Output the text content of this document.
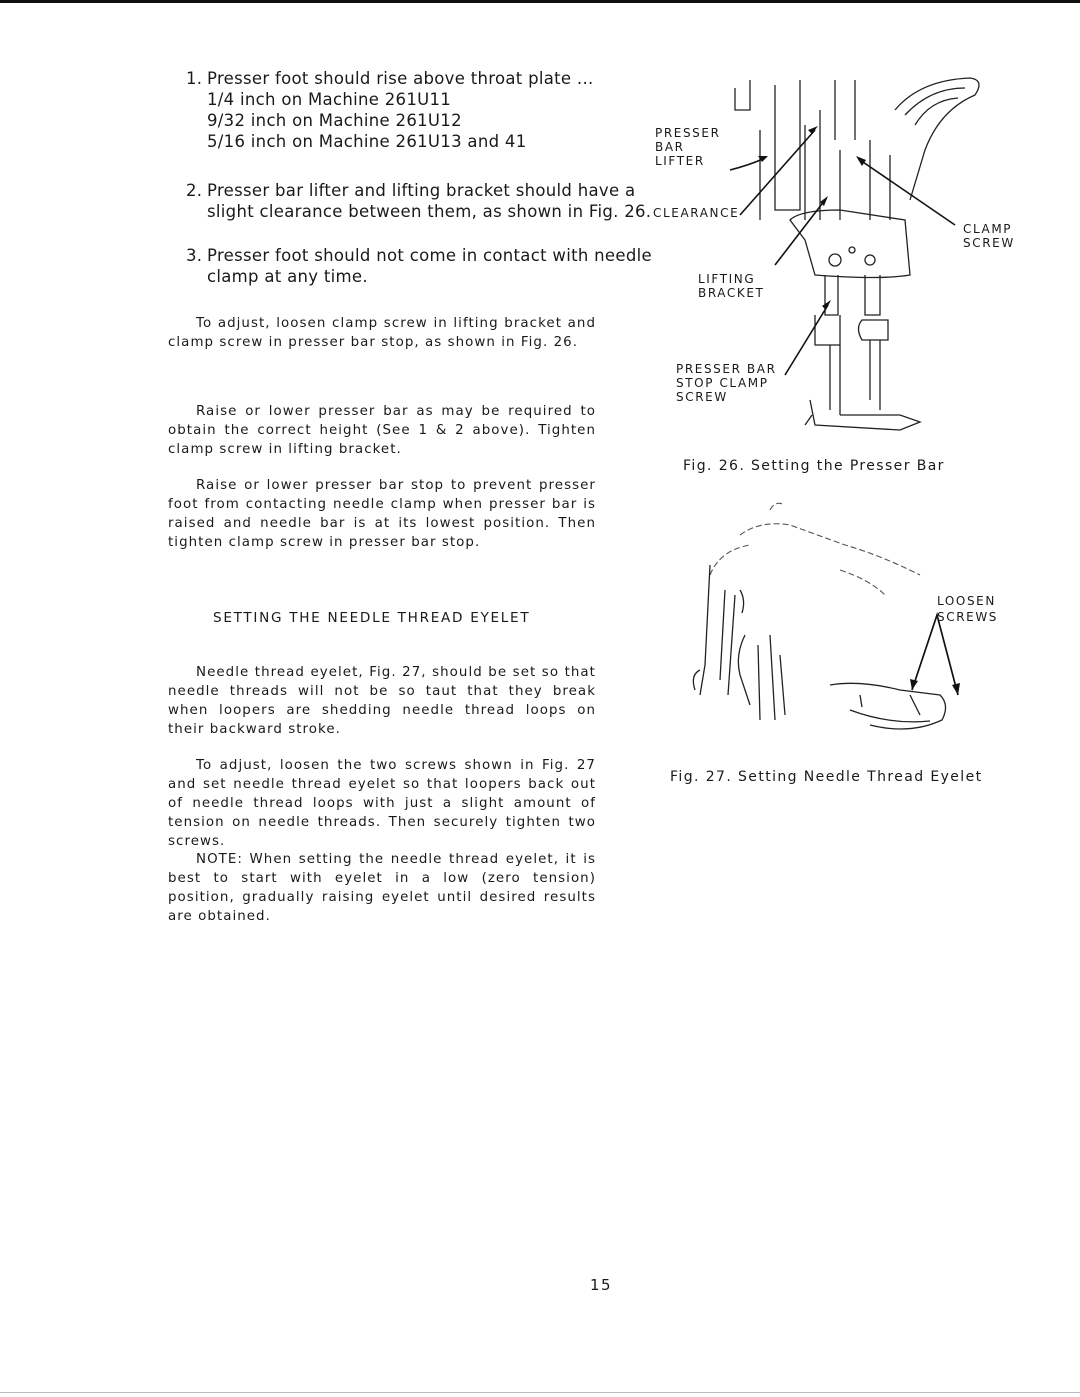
1. Presser foot should rise above throat plate ...
1/4 inch on Machine 261U11
9/32 inch on Machine 261U12
5/16 inch on Machine 261U13 and 41
2. Presser bar lifter and lifting bracket should have a
slight clearance between them, as shown in Fig. 26.
3. Presser foot should not come in contact with needle
clamp at any time.
To adjust, loosen clamp screw in lifting bracket and clamp screw in presser bar stop, as shown in Fig. 26.
Raise or lower presser bar as may be required to obtain the correct height (See 1 & 2 above). Tighten clamp screw in lifting bracket.
Raise or lower presser bar stop to prevent presser foot from contacting needle clamp when presser bar is raised and needle bar is at its lowest position. Then tighten clamp screw in presser bar stop.
SETTING THE NEEDLE THREAD EYELET
Needle thread eyelet, Fig. 27, should be set so that needle threads will not be so taut that they break when loopers are shedding needle thread loops on their backward stroke.
To adjust, loosen the two screws shown in Fig. 27 and set needle thread eyelet so that loopers back out of needle thread loops with just a slight amount of tension on needle threads. Then securely tighten two screws.
NOTE: When setting the needle thread eyelet, it is best to start with eyelet in a low (zero tension) position, gradually raising eyelet until desired results are obtained.
PRESSER
BAR
LIFTER
CLEARANCE
CLAMP
SCREW
LIFTING
BRACKET
PRESSER BAR
STOP CLAMP
SCREW
Fig. 26. Setting the Presser Bar
LOOSEN
SCREWS
Fig. 27. Setting Needle Thread Eyelet
15
